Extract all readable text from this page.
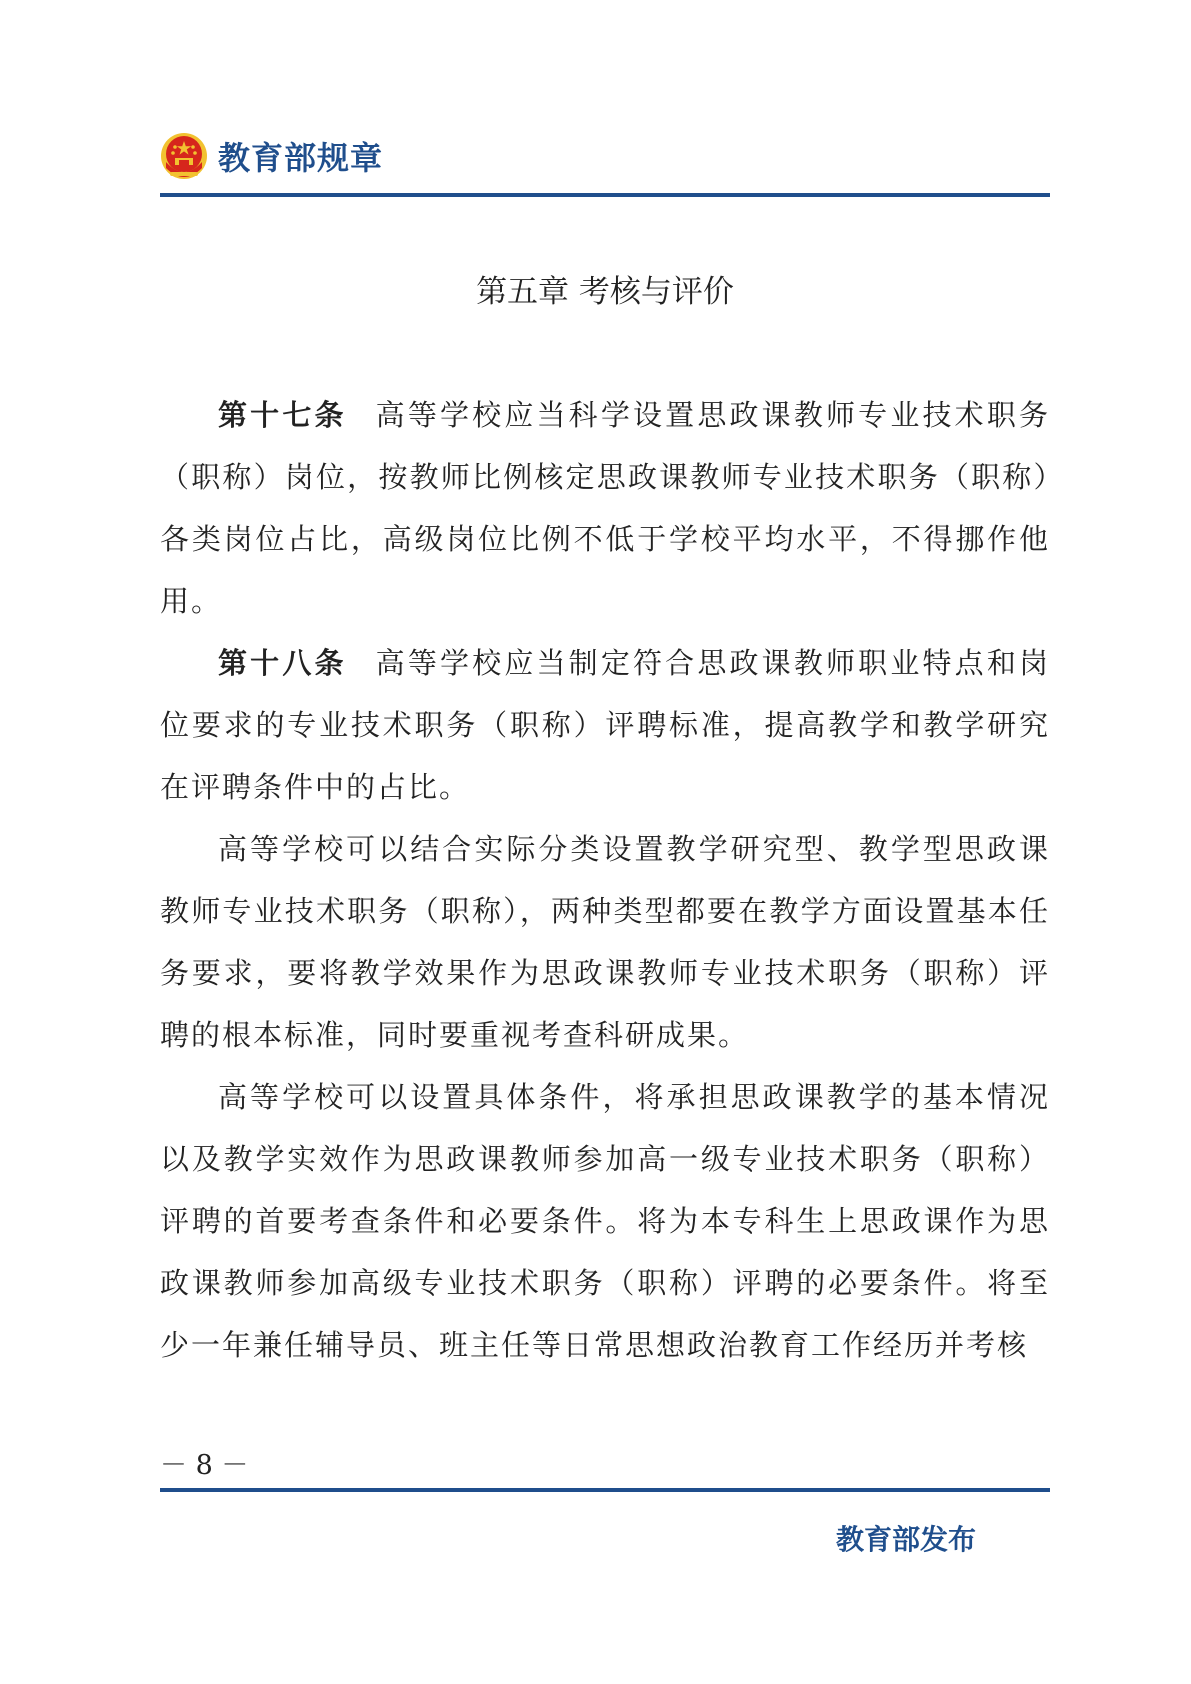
教育部规章
第五章 考核与评价

第十七条 高等学校应当科学设置思政课教师专业技术职务（职称）岗位，按教师比例核定思政课教师专业技术职务（职称）各类岗位占比，高级岗位比例不低于学校平均水平，不得挪作他用。

第十八条 高等学校应当制定符合思政课教师职业特点和岗位要求的专业技术职务（职称）评聘标准，提高教学和教学研究在评聘条件中的占比。

高等学校可以结合实际分类设置教学研究型、教学型思政课教师专业技术职务（职称），两种类型都要在教学方面设置基本任务要求，要将教学效果作为思政课教师专业技术职务（职称）评聘的根本标准，同时要重视考查科研成果。

高等学校可以设置具体条件，将承担思政课教学的基本情况以及教学实效作为思政课教师参加高一级专业技术职务（职称）评聘的首要考查条件和必要条件。将为本专科生上思政课作为思政课教师参加高级专业技术职务（职称）评聘的必要条件。将至少一年兼任辅导员、班主任等日常思想政治教育工作经历并考核

－ 8 －
教育部发布
